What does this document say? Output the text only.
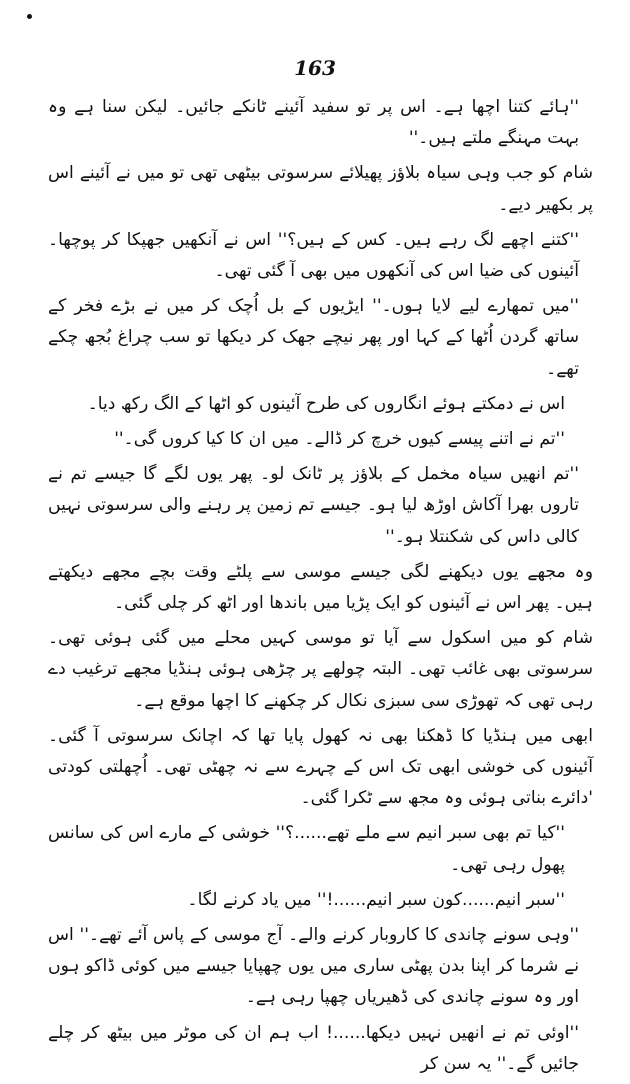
163

''ہائے کتنا اچھا ہے۔ اس پر تو سفید آئینے ٹانکے جائیں۔ لیکن سنا ہے وہ بہت مہنگے ملتے ہیں۔''

شام کو جب وہی سیاہ بلاؤز پھیلائے سرسوتی بیٹھی تھی تو میں نے آئینے اس پر بکھیر دیے۔

''کتنے اچھے لگ رہے ہیں۔ کس کے ہیں؟'' اس نے آنکھیں جھپکا کر پوچھا۔ آئینوں کی ضیا اس کی آنکھوں میں بھی آ گئی تھی۔

''میں تمھارے لیے لایا ہوں۔'' ایڑیوں کے بل اُچک کر میں نے بڑے فخر کے ساتھ گردن اُٹھا کے کہا اور پھر نیچے جھک کر دیکھا تو سب چراغ بُجھ چکے تھے۔

اس نے دمکتے ہوئے انگاروں کی طرح آئینوں کو اٹھا کے الگ رکھ دیا۔

''تم نے اتنے پیسے کیوں خرچ کر ڈالے۔ میں ان کا کیا کروں گی۔''

''تم انھیں سیاہ مخمل کے بلاؤز پر ٹانک لو۔ پھر یوں لگے گا جیسے تم نے تاروں بھرا آکاش اوڑھ لیا ہو۔ جیسے تم زمین پر رہنے والی سرسوتی نہیں کالی داس کی شکنتلا ہو۔''

وہ مجھے یوں دیکھنے لگی جیسے موسی سے پلٹے وقت بچے مجھے دیکھتے ہیں۔ پھر اس نے آئینوں کو ایک پڑیا میں باندھا اور اٹھ کر چلی گئی۔

شام کو میں اسکول سے آیا تو موسی کہیں محلے میں گئی ہوئی تھی۔ سرسوتی بھی غائب تھی۔ البتہ چولھے پر چڑھی ہوئی ہنڈیا مجھے ترغیب دے رہی تھی کہ تھوڑی سی سبزی نکال کر چکھنے کا اچھا موقع ہے۔

ابھی میں ہنڈیا کا ڈھکنا بھی نہ کھول پایا تھا کہ اچانک سرسوتی آ گئی۔ آئینوں کی خوشی ابھی تک اس کے چہرے سے نہ چھٹی تھی۔ اُچھلتی کودتی 'دائرے بناتی ہوئی وہ مجھ سے ٹکرا گئی۔

''کیا تم بھی سبر انیم سے ملے تھے......؟'' خوشی کے مارے اس کی سانس پھول رہی تھی۔

''سبر انیم......کون سبر انیم......!'' میں یاد کرنے لگا۔

''وہی سونے چاندی کا کاروبار کرنے والے۔ آج موسی کے پاس آئے تھے۔'' اس نے شرما کر اپنا بدن پھٹی ساری میں یوں چھپایا جیسے میں کوئی ڈاکو ہوں اور وہ سونے چاندی کی ڈھیریاں چھپا رہی ہے۔

''اوئی تم نے انھیں نہیں دیکھا......! اب ہم ان کی موٹر میں بیٹھ کر چلے جائیں گے۔'' یہ سن کر
